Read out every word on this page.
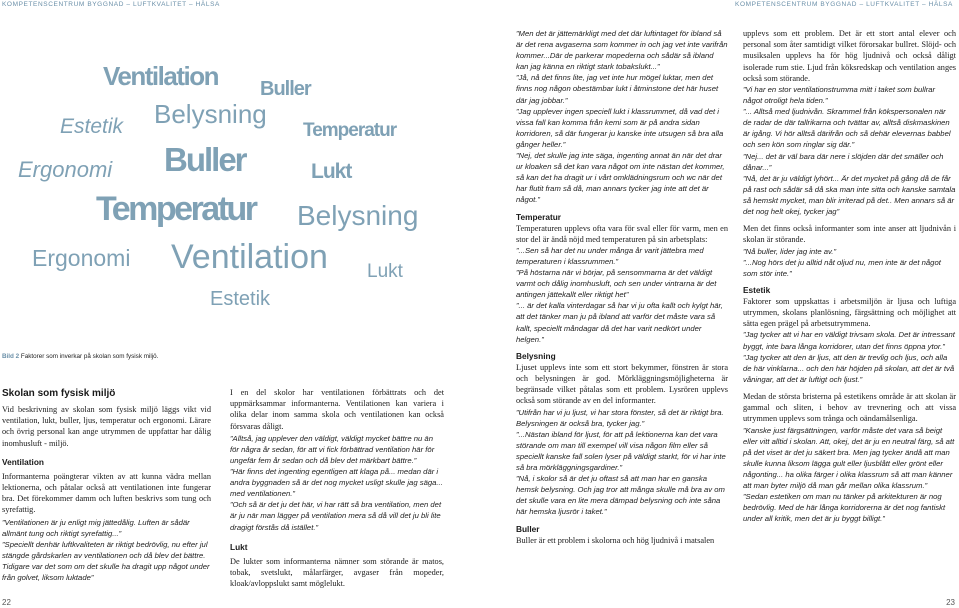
KOMPETENSCENTRUM BYGGNAD – LUFTKVALITET – HÄLSA	KOMPETENSCENTRUM BYGGNAD – LUFTKVALITET – HÄLSA
Ventilation Buller
Estetik Belysning
Temperatur
Ergonomi Buller	Lukt
Temperatur Belysning
Ergonomi Ventilation Lukt
Estetik
Bild 2 Faktorer som inverkar på skolan som fysisk miljö.
Skolan som fysisk miljö
Vid beskrivning av skolan som fysisk miljö läggs vikt vid ventilation, lukt, buller, ljus, temperatur och ergonomi. Lärare och övrig personal kan ange utrymmen de uppfattar har dålig inomhusluft - miljö.
Ventilation
Informanterna poängterar vikten av att kunna vädra mellan lektionerna, och påtalar också att ventilationen inte fungerar bra. Det förekommer damm och luften beskrivs som tung och syrefattig.
”Ventilationen är ju enligt mig jättedålig. Luften är sådär allmänt tung och riktigt syrefattig...”
”Speciellt denhär luftkvaliteten är riktigt bedrövlig, nu efter jul stängde gårdskarlen av ventilationen och då blev det bättre. Tidigare var det som om det skulle ha dragit upp något under från golvet, liksom luktade”
I en del skolor har ventilationen förbättrats och det uppmärksammar informanterna. Ventilationen kan variera i olika delar inom samma skola och ventilationen kan också försvaras dåligt.
”Alltså, jag upplever den väldigt, väldigt mycket bättre nu än för några år sedan, för att vi fick förbättrad ventilation här för ungefär fem år sedan och då blev det märkbart bättre.”
”Här finns det ingenting egentligen att klaga på... medan där i andra byggnaden så är det nog mycket usligt skulle jag säga... med ventilationen.”
”Och så är det ju det här, vi har rätt så bra ventilation, men det är ju när man lägger på ventilation mera så då vill det ju bli lite dragigt förstås då istället.”
Lukt
De lukter som informanterna nämner som störande är matos, tobak, svetslukt, målarfärger, avgaser från mopeder, kloak/avloppslukt samt möglelukt.
”Men det är jättemärkligt med det där luftintaget för ibland så är det rena avgaserna som kommer in och jag vet inte varifrån kommer...Där de parkerar mopederna och sådär så ibland kan jag känna en riktigt stark tobakslukt...”
”Jå, nå det finns lite, jag vet inte hur mögel luktar, men det finns nog någon obestämbar lukt i åtminstone det här huset där jag jobbar.”
”Jag upplever ingen speciell lukt i klassrummet, då vad det i vissa fall kan komma från kemi som är på andra sidan korridoren, så där fungerar ju kanske inte utsugen så bra alla gånger heller.”
”Nej, det skulle jag inte säga, ingenting annat än när det drar ur kloaken så det kan vara något om inte nästan det kommer, så kan det ha dragit ur i vårt omklädningsrum och wc när det har flutit fram så då, man annars tycker jag inte att det är något.”
Temperatur
Temperaturen upplevs ofta vara för sval eller för varm, men en stor del är ändå nöjd med temperaturen på sin arbetsplats:
”...Sen så har det nu under många år varit jättebra med temperaturen i klassrummen.”
”På höstarna när vi börjar, på sensommarna är det väldigt varmt och dålig inomhusluft, och sen under vintrarna är det antingen jättekallt eller riktigt het”
”... är det kalla vinterdagar så har vi ju ofta kallt och kylgt här, att det tänker man ju på ibland att varför det måste vara så kallt, speciellt måndagar då det har varit nedkört under helgen.”
Belysning
Ljuset upplevs inte som ett stort bekymmer, fönstren är stora och belysningen är god. Mörkläggningsmöjligheterna är begränsade vilket påtalas som ett problem. Lysrören upplevs också som störande av en del informanter.
”Utifrån har vi ju ljust, vi har stora fönster, så det är riktigt bra. Belysningen är också bra, tycker jag.”
”...Nästan ibland för ljust, för att på lektionerna kan det vara störande om man till exempel vill visa någon film eller så speciellt kanske fall solen lyser på väldigt starkt, för vi har inte så bra mörkläggningsgardiner.”
”Nå, i skolor så är det ju oftast så att man har en ganska hemsk belysning. Och jag tror att många skulle må bra av om det skulle vara en lite mera dämpad belysning och inte såna här hemska ljusrör i taket.”
Buller
Buller är ett problem i skolorna och hög ljudnivå i matsalen
upplevs som ett problem. Det är ett stort antal elever och personal som åter samtidigt vilket förorsakar bullret. Slöjd- och musiksalen upplevs ha för hög ljudnivå och också dåligt isolerade rum stie. Ljud från köksredskap och ventilation anges också som störande.
”Vi har en stor ventilationstrumma mitt i taket som bullrar något otroligt hela tiden.”
”... Alltså med ljudnivån. Skrammel från kökspersonalen när de radar de där tallrikarna och tvättar av, alltså diskmaskinen är igång. Vi hör alltså därifrån och så dehär elevernas babbel och sen kön som ringlar sig där.”
”Nej... det är väl bara där nere i slöjden där det smäller och dånar...”
”Nå, det är ju väldigt lyhört... Är det mycket på gång då de får på rast och sådär så då ska man inte sitta och kanske samtala så hemskt mycket, man blir irriterad på det.. Men annars så är det nog helt okej, tycker jag”
Men det finns också informanter som inte anser att ljudnivån i skolan är störande.
”Nå buller, lider jag inte av.”
”...Nog hörs det ju alltid nåt oljud nu, men inte är det något som stör inte.”
Estetik
Faktorer som uppskattas i arbetsmiljön är ljusa och luftiga utrymmen, skolans planlösning, färgsättning och möjlighet att sätta egen prägel på arbetsutrymmena.
”Jag tycker att vi har en väldigt trivsam skola. Det är intressant byggt, inte bara långa korridorer, utan det finns öppna ytor.”
”Jag tycker att den är ljus, att den är trevlig och ljus, och alla de här vinklarna... och den här höjden på skolan, att det är två våningar, att det är luftigt och ljust.”
Medan de största bristerna på estetikens område är att skolan är gammal och sliten, i behov av trevnering och att vissa utrymmen upplevs som trånga och oändamålsenliga.
”Kanske just färgsättningen, varför måste det vara så beigt eller vitt alltid i skolan. Att, okej, det är ju en neutral färg, så att på det viset är det ju säkert bra. Men jag tycker ändå att man skulle kunna liksom lägga gult eller ljusblått eller grönt eller någonting... ha olika färger i olika klassrum så att man känner att man byter miljö då man går mellan olika klassrum.”
”Sedan estetiken om man nu tänker på arkitekturen är nog bedrövlig. Med de här långa korridorerna är det nog fantiskt under all kritik, men det är ju byggt billigt.”
22	23
